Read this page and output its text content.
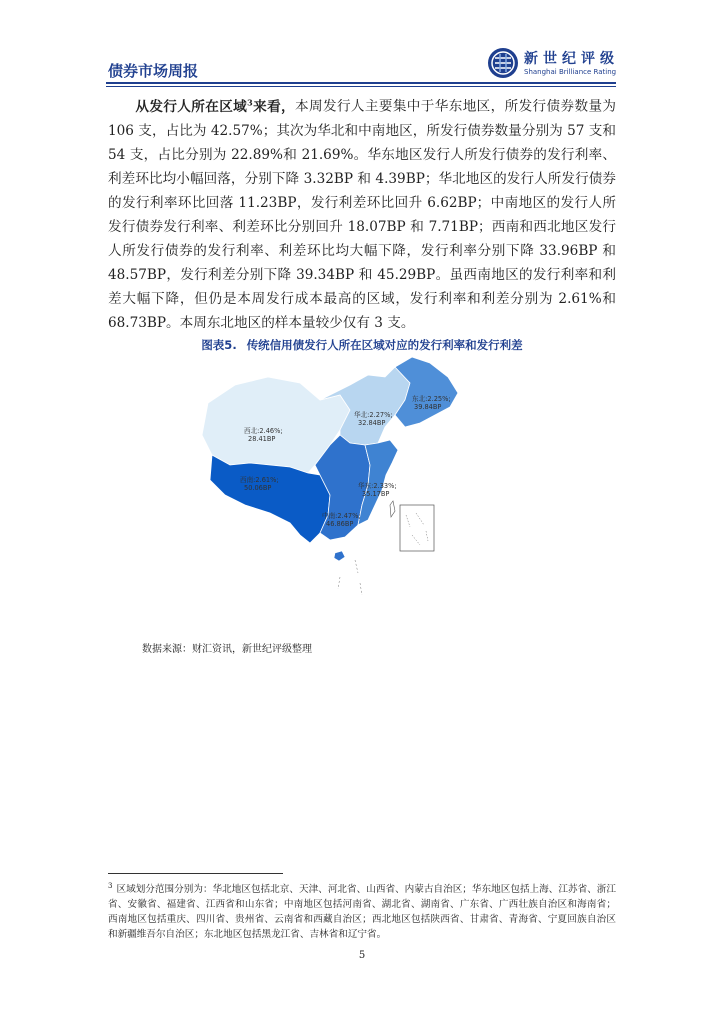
债券市场周报
新世纪评级
Shanghai Brilliance Rating
从发行人所在区域$^3$来看，本周发行人主要集中于华东地区，所发行债券数量为 106 支，占比为 42.57%；其次为华北和中南地区，所发行债券数量分别为 57 支和 54 支，占比分别为 22.89%和 21.69%。华东地区发行人所发行债券的发行利率、利差环比均小幅回落，分别下降 3.32BP 和 4.39BP；华北地区的发行人所发行债券的发行利率环比回落 11.23BP，发行利差环比回升 6.62BP；中南地区的发行人所发行债券发行利率、利差环比分别回升 18.07BP 和 7.71BP；西南和西北地区发行人所发行债券的发行利率、利差环比均大幅下降，发行利率分别下降 33.96BP 和 48.57BP，发行利差分别下降 39.34BP 和 45.29BP。虽西南地区的发行利率和利差大幅下降，但仍是本周发行成本最高的区域，发行利率和利差分别为 2.61%和 68.73BP。本周东北地区的样本量较少仅有 3 支。
图表5. 传统信用债发行人所在区域对应的发行利率和发行利差
东北:2.25%;
39.84BP
华北:2.27%;
32.84BP
西北:2.46%;
28.41BP
西南:2.61%;
50.06BP	华东:2.33%;
35.17BP
中南:2.47%;
46.86BP
数据来源：财汇资讯，新世纪评级整理
$^3$ 区域划分范围分别为：华北地区包括北京、天津、河北省、山西省、内蒙古自治区；华东地区包括上海、江苏省、浙江省、安徽省、福建省、江西省和山东省；中南地区包括河南省、湖北省、湖南省、广东省、广西壮族自治区和海南省；西南地区包括重庆、四川省、贵州省、云南省和西藏自治区；西北地区包括陕西省、甘肃省、青海省、宁夏回族自治区和新疆维吾尔自治区；东北地区包括黑龙江省、吉林省和辽宁省。
5
